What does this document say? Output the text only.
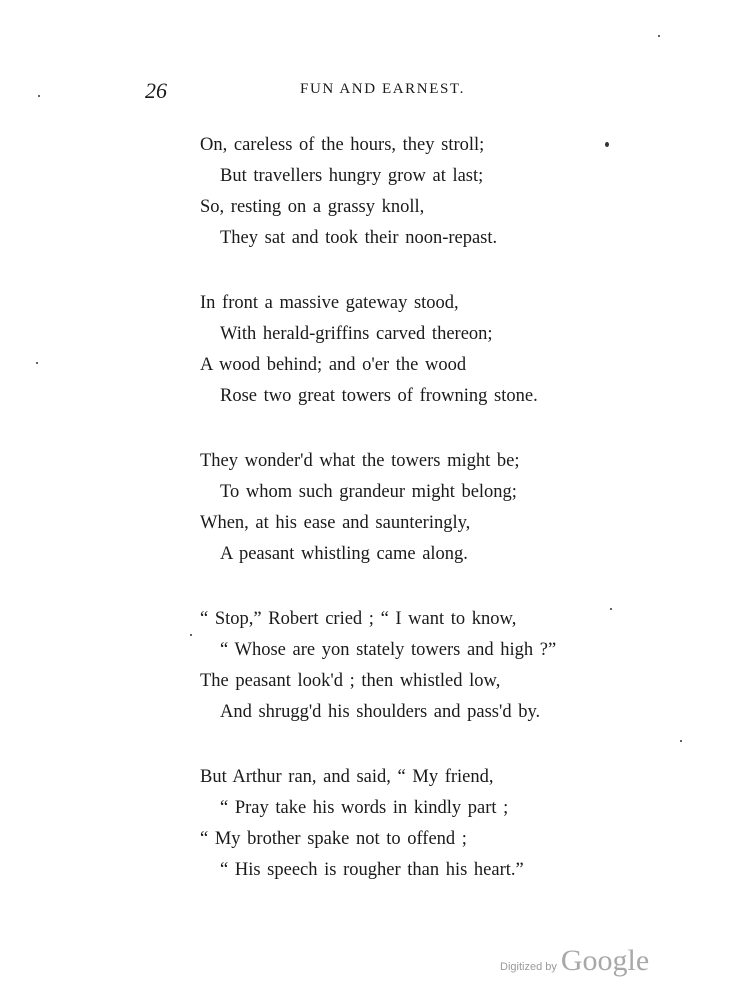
26	FUN AND EARNEST.
On, careless of the hours, they stroll;
But travellers hungry grow at last;
So, resting on a grassy knoll,
They sat and took their noon-repast.
In front a massive gateway stood,
With herald-griffins carved thereon;
A wood behind; and o'er the wood
Rose two great towers of frowning stone.
They wonder'd what the towers might be;
To whom such grandeur might belong;
When, at his ease and saunteringly,
A peasant whistling came along.
“ Stop,” Robert cried ; “ I want to know,
“ Whose are yon stately towers and high ?”
The peasant look'd ; then whistled low,
And shrugg'd his shoulders and pass'd by.
But Arthur ran, and said, “ My friend,
“ Pray take his words in kindly part ;
“ My brother spake not to offend ;
“ His speech is rougher than his heart.”
Digitized by Google
